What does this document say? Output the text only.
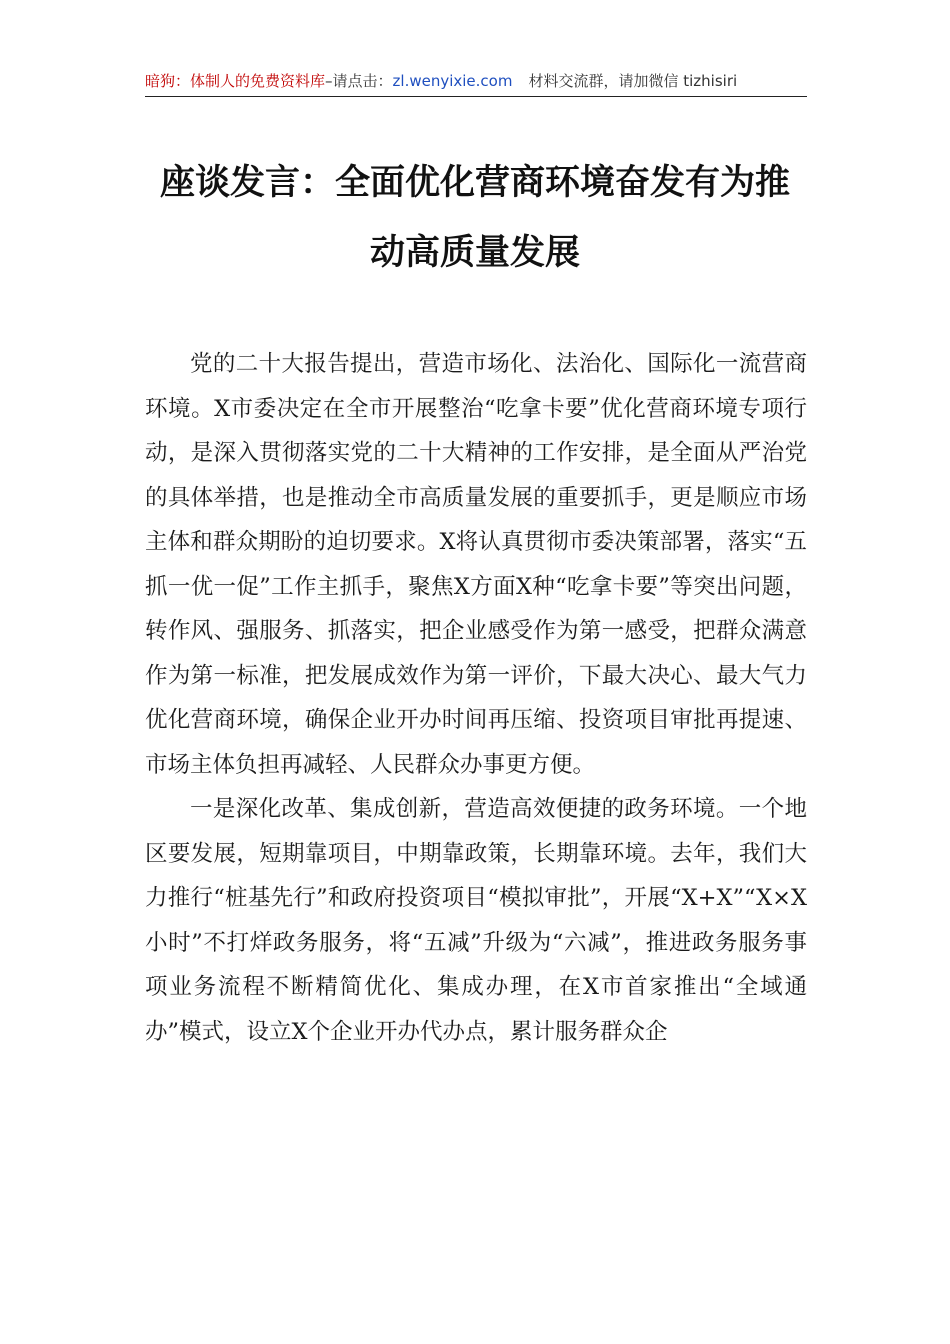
暗狗：体制人的免费资料库–请点击：zl.wenyixie.com 材料交流群，请加微信 tizhisiri
座谈发言：全面优化营商环境奋发有为推
动高质量发展

党的二十大报告提出，营造市场化、法治化、国际化一流营商环境。X市委决定在全市开展整治“吃拿卡要”优化营商环境专项行动，是深入贯彻落实党的二十大精神的工作安排，是全面从严治党的具体举措，也是推动全市高质量发展的重要抓手，更是顺应市场主体和群众期盼的迫切要求。X将认真贯彻市委决策部署，落实“五抓一优一促”工作主抓手，聚焦X方面X种“吃拿卡要”等突出问题，转作风、强服务、抓落实，把企业感受作为第一感受，把群众满意作为第一标准，把发展成效作为第一评价，下最大决心、最大气力优化营商环境，确保企业开办时间再压缩、投资项目审批再提速、市场主体负担再减轻、人民群众办事更方便。

一是深化改革、集成创新，营造高效便捷的政务环境。一个地区要发展，短期靠项目，中期靠政策，长期靠环境。去年，我们大力推行“桩基先行”和政府投资项目“模拟审批”，开展“X+X”“X×X小时”不打烊政务服务，将“五减”升级为“六减”，推进政务服务事项业务流程不断精简优化、集成办理，在X市首家推出“全域通办”模式，设立X个企业开办代办点，累计服务群众企
